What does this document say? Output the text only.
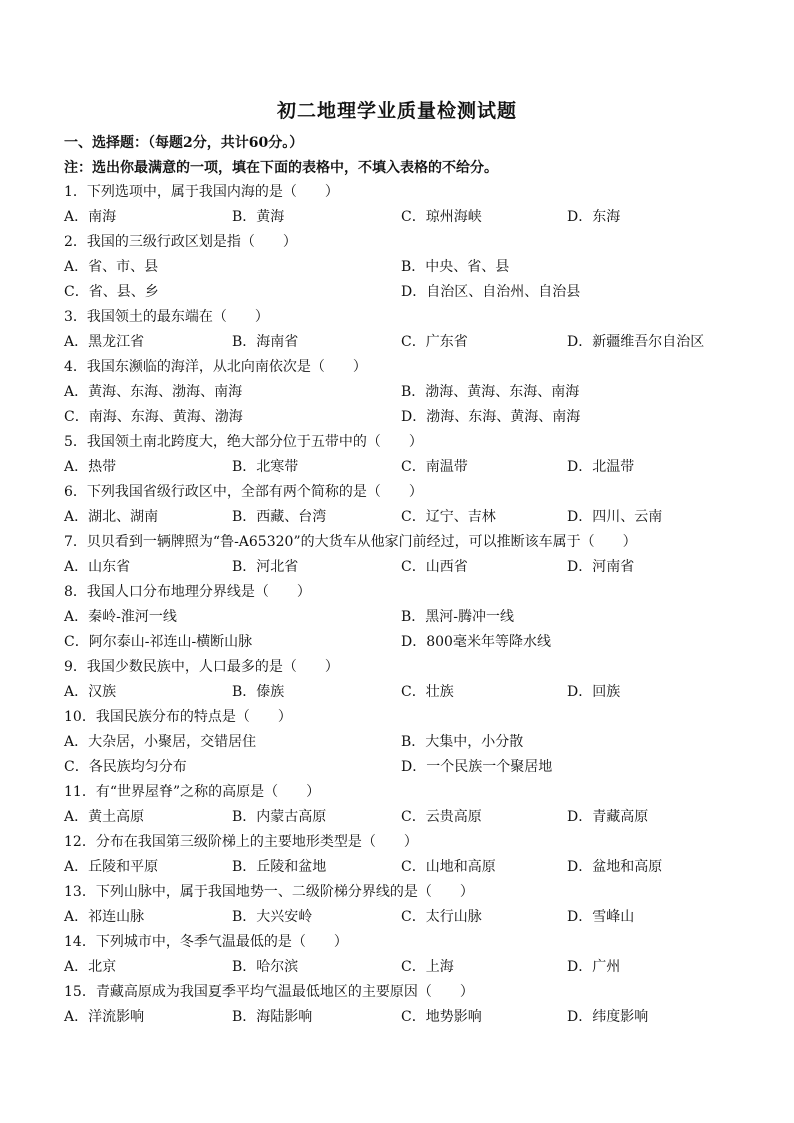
初二地理学业质量检测试题
一、选择题：（每题2分，共计60分。）
注：选出你最满意的一项，填在下面的表格中，不填入表格的不给分。
1．下列选项中，属于我国内海的是（　　）
A．南海	B．黄海	C．琼州海峡	D．东海
2．我国的三级行政区划是指（　　）
A．省、市、县	B．中央、省、县
C．省、县、乡	D．自治区、自治州、自治县
3．我国领土的最东端在（　　）
A．黑龙江省	B．海南省	C．广东省	D．新疆维吾尔自治区
4．我国东濒临的海洋，从北向南依次是（　　）
A．黄海、东海、渤海、南海	B．渤海、黄海、东海、南海
C．南海、东海、黄海、渤海	D．渤海、东海、黄海、南海
5．我国领土南北跨度大，绝大部分位于五带中的（　　）
A．热带	B．北寒带	C．南温带	D．北温带
6．下列我国省级行政区中，全部有两个简称的是（　　）
A．湖北、湖南	B．西藏、台湾	C．辽宁、吉林	D．四川、云南
7．贝贝看到一辆牌照为“鲁-A65320”的大货车从他家门前经过，可以推断该车属于（　　）
A．山东省	B．河北省	C．山西省	D．河南省
8．我国人口分布地理分界线是（　　）
A．秦岭-淮河一线	B．黑河-腾冲一线
C．阿尔泰山-祁连山-横断山脉	D．800毫米年等降水线
9．我国少数民族中，人口最多的是（　　）
A．汉族	B．傣族	C．壮族	D．回族
10．我国民族分布的特点是（　　）
A．大杂居，小聚居，交错居住	B．大集中，小分散
C．各民族均匀分布	D．一个民族一个聚居地
11．有“世界屋脊”之称的高原是（　　）
A．黄土高原	B．内蒙古高原	C．云贵高原	D．青藏高原
12．分布在我国第三级阶梯上的主要地形类型是（　　）
A．丘陵和平原	B．丘陵和盆地	C．山地和高原	D．盆地和高原
13．下列山脉中，属于我国地势一、二级阶梯分界线的是（　　）
A．祁连山脉	B．大兴安岭	C．太行山脉	D．雪峰山
14．下列城市中，冬季气温最低的是（　　）
A．北京	B．哈尔滨	C．上海	D．广州
15．青藏高原成为我国夏季平均气温最低地区的主要原因（　　）
A．洋流影响	B．海陆影响	C．地势影响	D．纬度影响
